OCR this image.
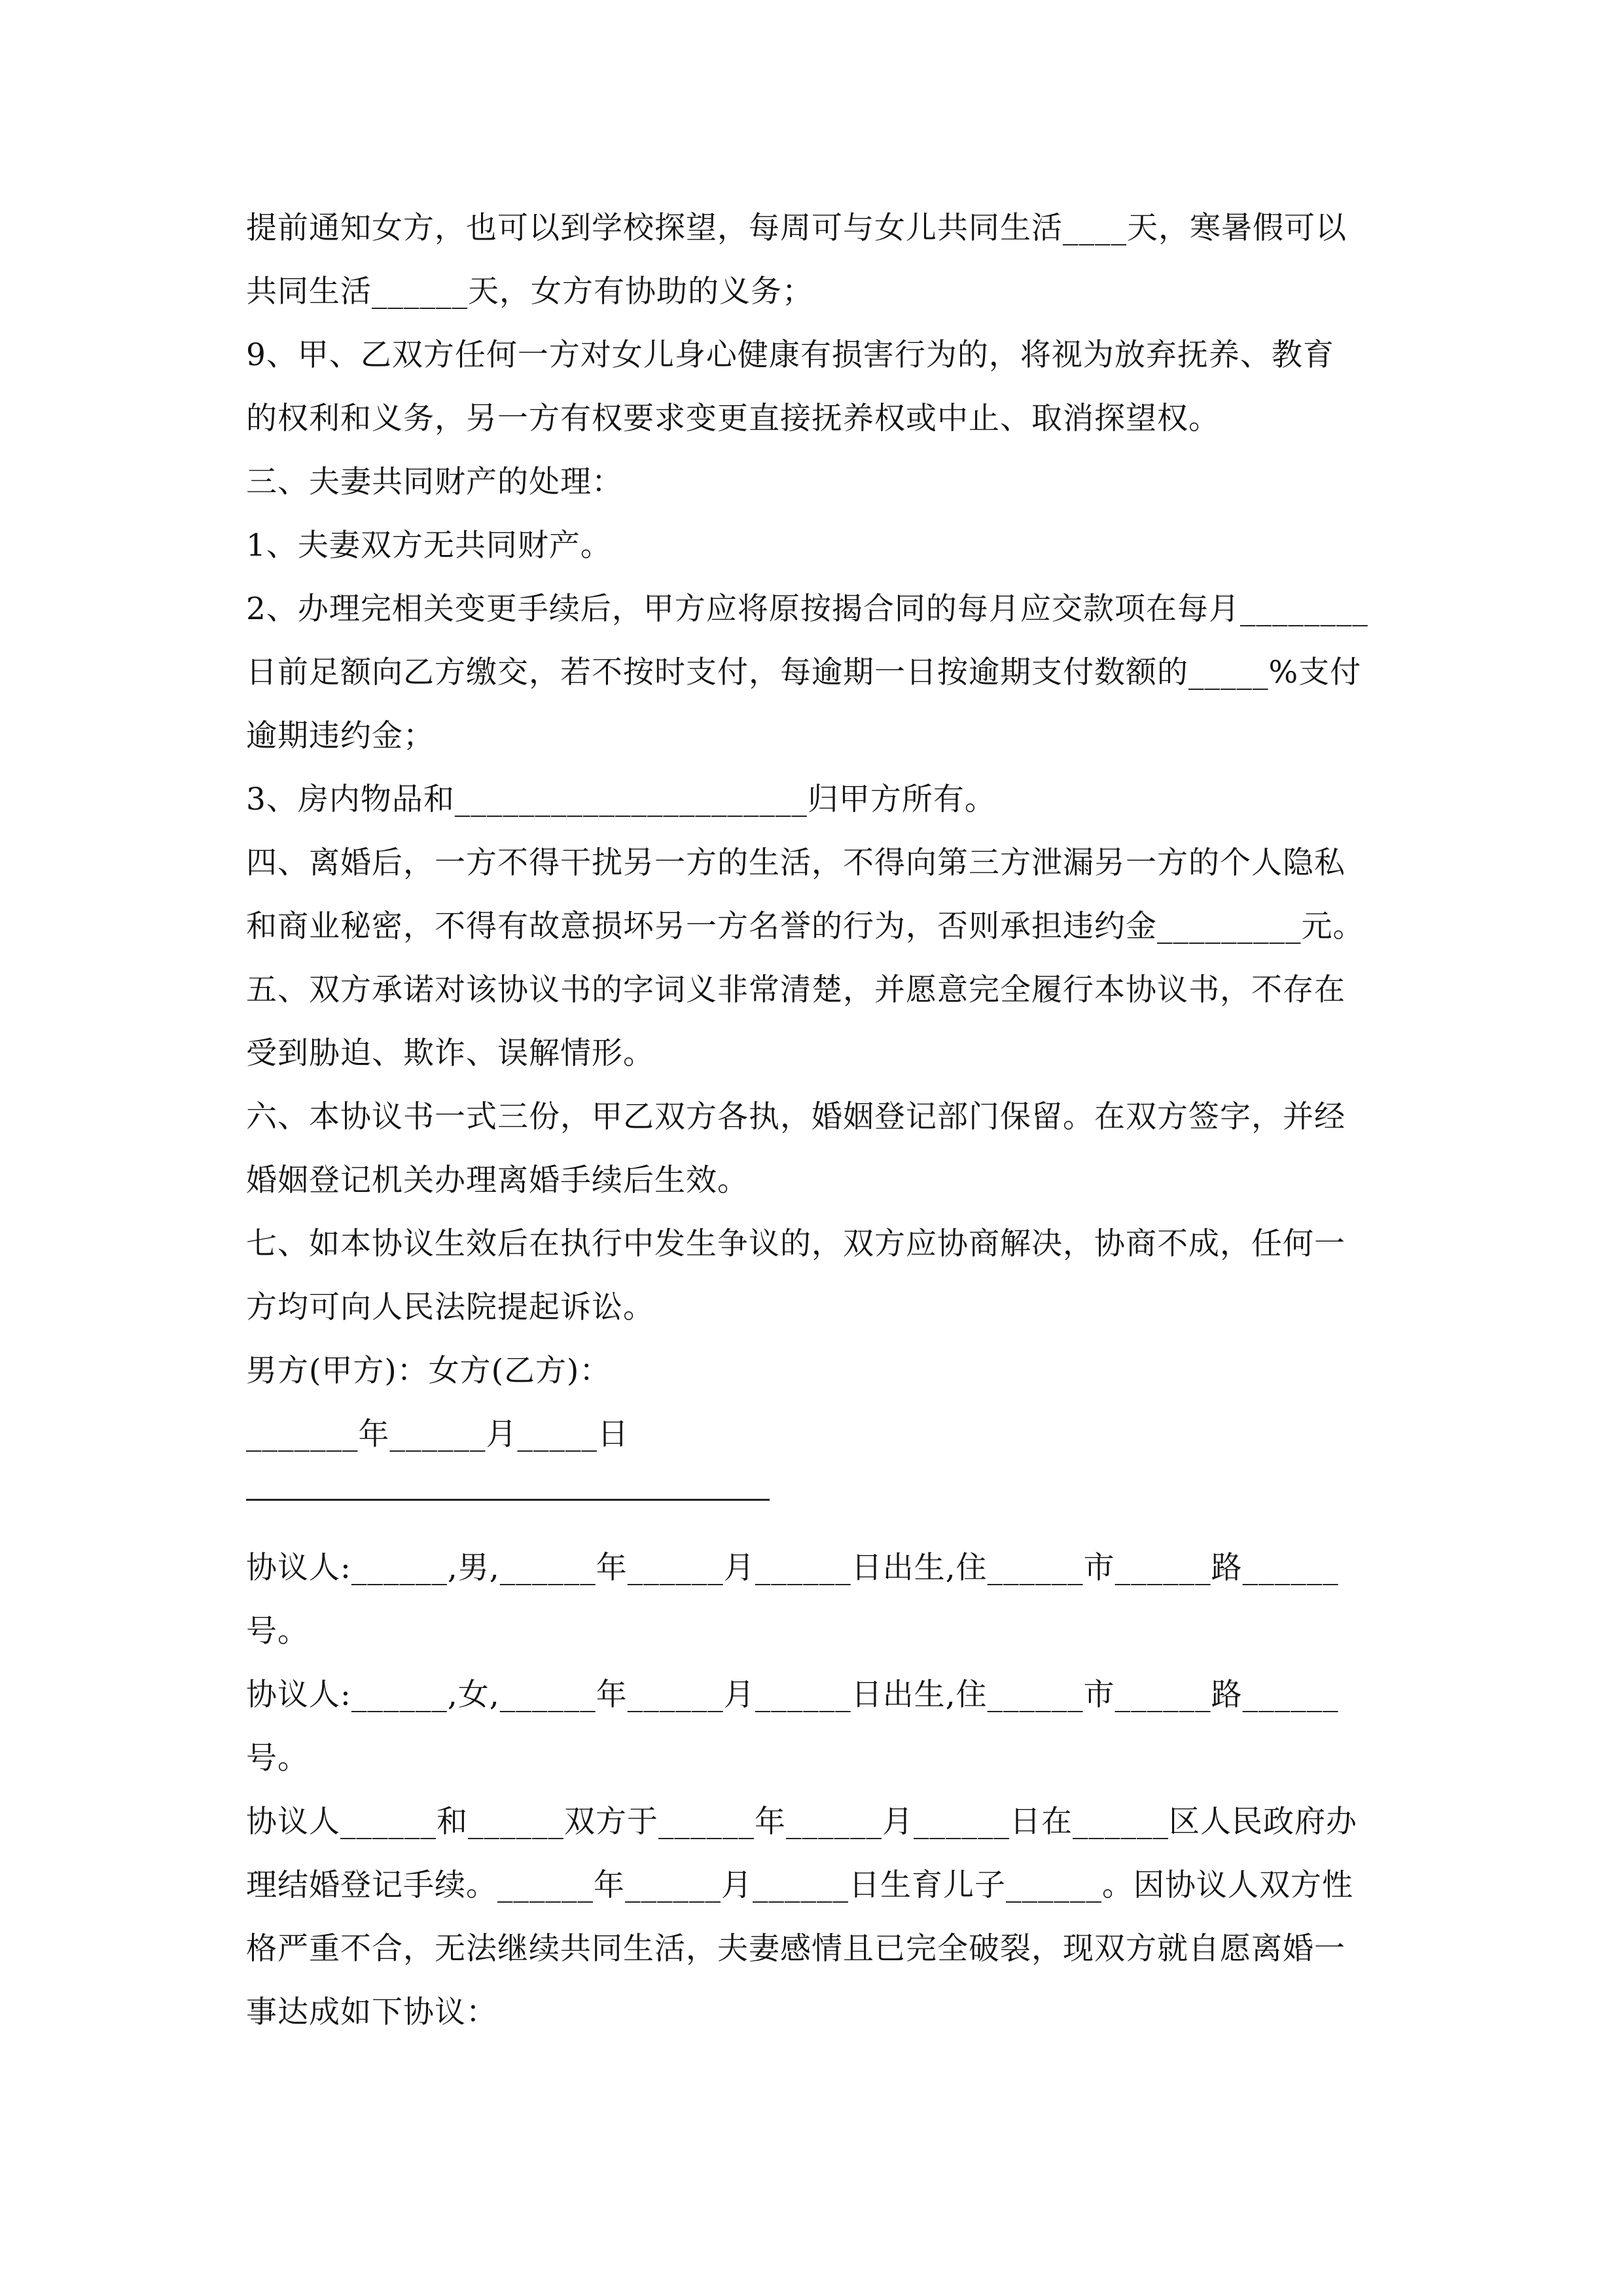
提前通知女方，也可以到学校探望，每周可与女儿共同生活____天，寒暑假可以
共同生活______天，女方有协助的义务；
9、甲、乙双方任何一方对女儿身心健康有损害行为的，将视为放弃抚养、教育
的权利和义务，另一方有权要求变更直接抚养权或中止、取消探望权。
三、夫妻共同财产的处理：
1、夫妻双方无共同财产。
2、办理完相关变更手续后，甲方应将原按揭合同的每月应交款项在每月________
日前足额向乙方缴交，若不按时支付，每逾期一日按逾期支付数额的_____%支付
逾期违约金；
3、房内物品和______________________归甲方所有。
四、离婚后，一方不得干扰另一方的生活，不得向第三方泄漏另一方的个人隐私
和商业秘密，不得有故意损坏另一方名誉的行为，否则承担违约金_________元。
五、双方承诺对该协议书的字词义非常清楚，并愿意完全履行本协议书，不存在
受到胁迫、欺诈、误解情形。
六、本协议书一式三份，甲乙双方各执，婚姻登记部门保留。在双方签字，并经
婚姻登记机关办理离婚手续后生效。
七、如本协议生效后在执行中发生争议的，双方应协商解决，协商不成，任何一
方均可向人民法院提起诉讼。
男方(甲方)：女方(乙方)：
_______年______月_____日
协议人:______,男,______年______月______日出生,住______市______路______
号。
协议人:______,女,______年______月______日出生,住______市______路______
号。
协议人______和______双方于______年______月______日在______区人民政府办
理结婚登记手续。______年______月______日生育儿子______。因协议人双方性
格严重不合，无法继续共同生活，夫妻感情且已完全破裂，现双方就自愿离婚一
事达成如下协议：
